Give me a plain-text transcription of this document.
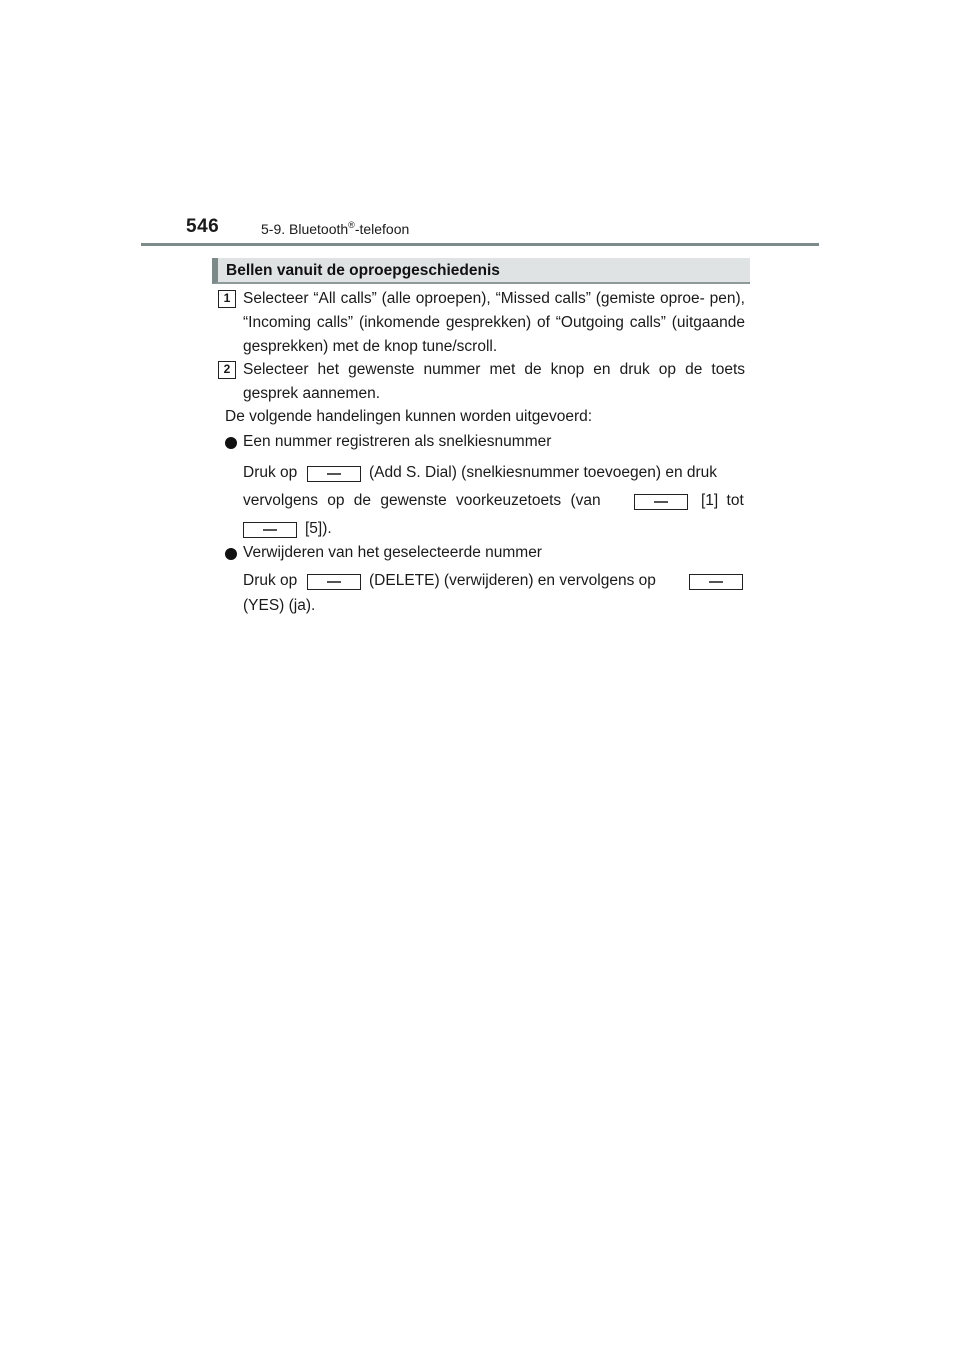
546	5-9. Bluetooth®-telefoon
Bellen vanuit de oproepgeschiedenis
1 Selecteer “All calls” (alle oproepen), “Missed calls” (gemiste oproe- pen), “Incoming calls” (inkomende gesprekken) of “Outgoing calls” (uitgaande gesprekken) met de knop tune/scroll.
2 Selecteer het gewenste nummer met de knop en druk op de toets gesprek aannemen.
De volgende handelingen kunnen worden uitgevoerd:
Een nummer registreren als snelkiesnummer
Druk op	(Add S. Dial) (snelkiesnummer toevoegen) en druk
vervolgens op de gewenste voorkeuzetoets (van	[1] tot
[5]).
Verwijderen van het geselecteerde nummer
Druk op	(DELETE) (verwijderen) en vervolgens op
(YES) (ja).
